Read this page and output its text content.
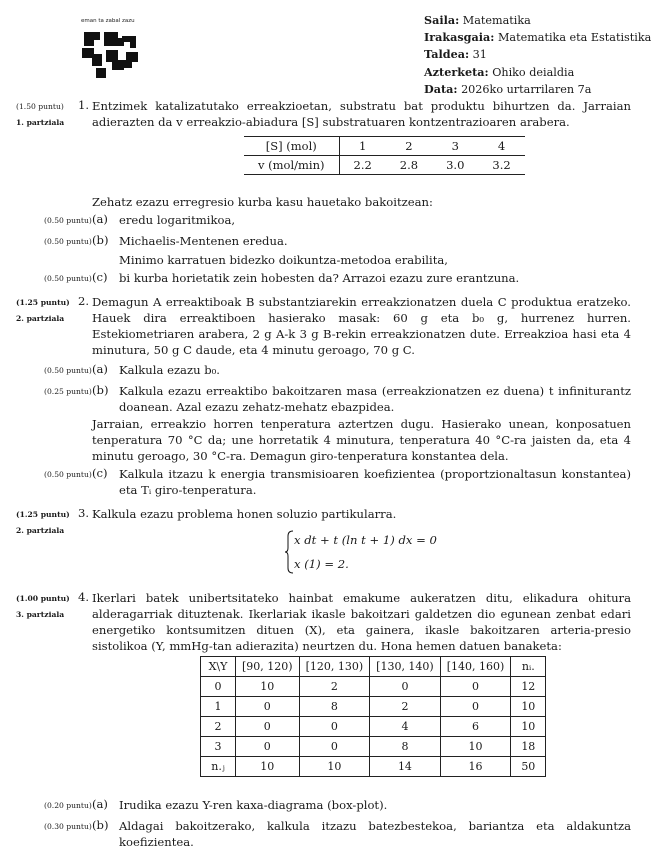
eman ta zabal zazu	Saila: Matematika
Irakasgaia: Matematika eta Estatistika
Taldea: 31
Azterketa: Ohiko deialdia
Data: 2026ko urtarrilaren 7a
(1.50 puntu)
1. partziala
1. Entzimek katalizatutako erreakzioetan, substratu bat produktu bihurtzen da. Jarraian adierazten da v erreakzio-abiadura [S] substratuaren kontzentrazioaren arabera.
[S] (mol)	1	2	3	4
v (mol/min)	2.2	2.8	3.0	3.2
Zehatz ezazu erregresio kurba kasu hauetako bakoitzean:
(0.50 puntu) (a) eredu logaritmikoa,
(0.50 puntu) (b) Michaelis-Mentenen eredua.
Minimo karratuen bidezko doikuntza-metodoa erabilita,
(0.50 puntu) (c) bi kurba horietatik zein hobesten da? Arrazoi ezazu zure erantzuna.
(1.25 puntu)
2. partziala
2. Demagun A erreaktiboak B substantziarekin erreakzionatzen duela C produktua eratzeko. Hauek dira erreaktiboen hasierako masak: 60 g eta b₀ g, hurrenez hurren. Estekiometriaren arabera, 2 g A-k 3 g B-rekin erreakzionatzen dute. Erreakzioa hasi eta 4 minutura, 50 g C daude, eta 4 minutu geroago, 70 g C.
(0.50 puntu) (a) Kalkula ezazu b₀.
(0.25 puntu) (b) Kalkula ezazu erreaktibo bakoitzaren masa (erreakzionatzen ez duena) t infiniturantz doanean. Azal ezazu zehatz-mehatz ebazpidea.
Jarraian, erreakzio horren tenperatura aztertzen dugu. Hasierako unean, konposatuen tenperatura 70 °C da; une horretatik 4 minutura, tenperatura 40 °C-ra jaisten da, eta 4 minutu geroago, 30 °C-ra. Demagun giro-tenperatura konstantea dela.
(0.50 puntu) (c) Kalkula itzazu k energia transmisioaren koefizientea (proportzionaltasun konstantea) eta Tᵢ giro-tenperatura.
(1.25 puntu)
2. partziala
3. Kalkula ezazu problema honen soluzio partikularra.
x dt + t (ln t + 1) dx = 0
x (1) = 2.
(1.00 puntu)
3. partziala
4. Ikerlari batek unibertsitateko hainbat emakume aukeratzen ditu, elikadura ohitura alderagarriak dituztenak. Ikerlariak ikasle bakoitzari galdetzen dio egunean zenbat edari energetiko kontsumitzen dituen (X), eta gainera, ikasle bakoitzaren arteria-presio sistolikoa (Y, mmHg-tan adierazita) neurtzen du. Hona hemen datuen banaketa:
X\Y	[90, 120)	[120, 130)	[130, 140)	[140, 160)	nᵢ.
0	10	2	0	0	12
1	0	8	2	0	10
2	0	0	4	6	10
3	0	0	8	10	18
n.ⱼ	10	10	14	16	50
(0.20 puntu) (a) Irudika ezazu Y-ren kaxa-diagrama (box-plot).
(0.30 puntu) (b) Aldagai bakoitzerako, kalkula itzazu batezbestekoa, bariantza eta aldakuntza koefizientea.
